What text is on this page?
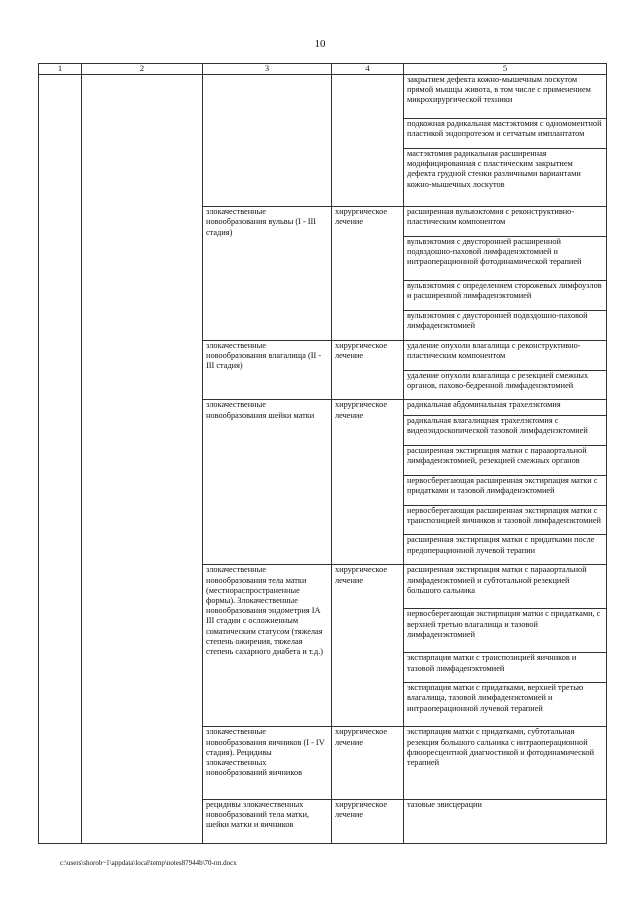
10
1	2	3	4	5
				закрытием дефекта кожно-мышечным лоскутом прямой мышцы живота, в том числе с применением микрохирургической техники
				подкожная радикальная мастэктомия с одномоментной пластикой эндопротезом и сетчатым имплантатом
				мастэктомия радикальная расширенная модифицированная с пластическим закрытием дефекта грудной стенки различными вариантами кожно-мышечных лоскутов
		злокачественные новообразования вульвы (I - III стадия)	хирургическое лечение	расширенная вульвэктомия с реконструктивно-пластическим компонентом
				вульвэктомия с двусторонней расширенной подвздошно-паховой лимфаденэктомией и интраоперационной фотодинамической терапией
				вульвэктомия с определением сторожевых лимфоузлов и расширенной лимфаденэктомией
				вульвэктомия с двусторонней подвздошно-паховой лимфаденэктомией
		злокачественные новообразования влагалища (II - III стадия)	хирургическое лечение	удаление опухоли влагалища с реконструктивно-пластическим компонентом
				удаление опухоли влагалища с резекцией смежных органов, пахово-бедренной лимфаденэктомией
		злокачественные новообразования шейки матки	хирургическое лечение	радикальная абдоминальная трахелэктомия
				радикальная влагалищная трахелэктомия с видеоэндоскопической тазовой лимфаденэктомией
				расширенная экстирпация матки с парааортальной лимфаденэктомией, резекцией смежных органов
				нервосберегающая расширенная экстирпация матки с придатками и тазовой лимфаденэктомией
				нервосберегающая расширенная экстирпация матки с транспозицией яичников и тазовой лимфаденэктомией
				расширенная экстирпация матки с придатками после предоперационной лучевой терапии
		злокачественные новообразования тела матки (местнораспространенные формы). Злокачественные новообразования эндометрия IA III стадии с осложненным соматическим статусом (тяжелая степень ожирения, тяжелая степень сахарного диабета и т.д.)	хирургическое лечение	расширенная экстирпация матки с парааортальной лимфаденэктомией и субтотальной резекцией большого сальника
				нервосберегающая экстирпация матки с придатками, с верхней третью влагалища и тазовой лимфаденэктомией
				экстирпация матки с транспозицией яичников и тазовой лимфаденэктомией
				экстирпация матки с придатками, верхней третью влагалища, тазовой лимфаденэктомией и интраоперационной лучевой терапией
		злокачественные новообразования яичников (I - IV стадия). Рецидивы злокачественных новообразований яичников	хирургическое лечение	экстирпация матки с придатками, субтотальная резекция большого сальника с интраоперационной флюоресцентной диагностикой и фотодинамической терапией
		рецидивы злокачественных новообразований тела матки, шейки матки и яичников	хирургическое лечение	тазовые эвисцерации
c:\users\shorob~1\appdata\local\temp\notes87944b\70-пп.docx
